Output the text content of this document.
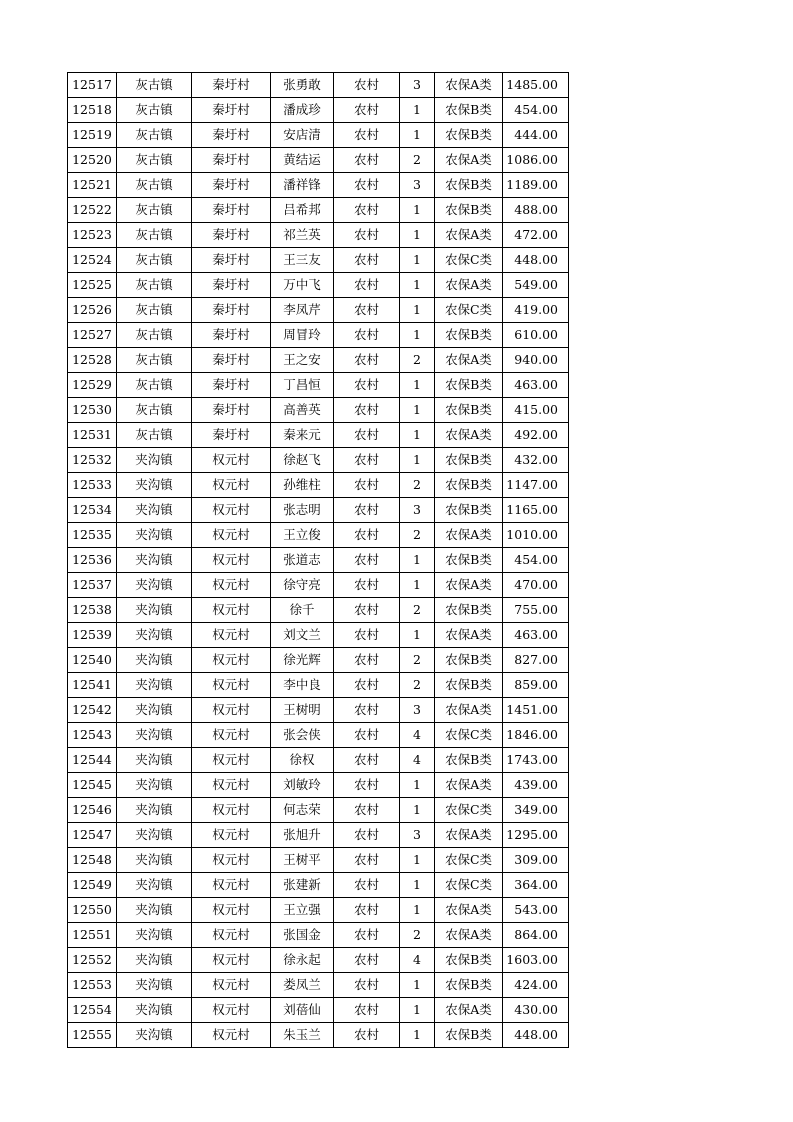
12517	灰古镇	秦圩村	张勇敢	农村	3	农保A类	1485.00
12518	灰古镇	秦圩村	潘成珍	农村	1	农保B类	454.00
12519	灰古镇	秦圩村	安店清	农村	1	农保B类	444.00
12520	灰古镇	秦圩村	黄结运	农村	2	农保A类	1086.00
12521	灰古镇	秦圩村	潘祥锋	农村	3	农保B类	1189.00
12522	灰古镇	秦圩村	吕希邦	农村	1	农保B类	488.00
12523	灰古镇	秦圩村	祁兰英	农村	1	农保A类	472.00
12524	灰古镇	秦圩村	王三友	农村	1	农保C类	448.00
12525	灰古镇	秦圩村	万中飞	农村	1	农保A类	549.00
12526	灰古镇	秦圩村	李凤芹	农村	1	农保C类	419.00
12527	灰古镇	秦圩村	周冒玲	农村	1	农保B类	610.00
12528	灰古镇	秦圩村	王之安	农村	2	农保A类	940.00
12529	灰古镇	秦圩村	丁昌恒	农村	1	农保B类	463.00
12530	灰古镇	秦圩村	高善英	农村	1	农保B类	415.00
12531	灰古镇	秦圩村	秦来元	农村	1	农保A类	492.00
12532	夹沟镇	权元村	徐赵飞	农村	1	农保B类	432.00
12533	夹沟镇	权元村	孙维柱	农村	2	农保B类	1147.00
12534	夹沟镇	权元村	张志明	农村	3	农保B类	1165.00
12535	夹沟镇	权元村	王立俊	农村	2	农保A类	1010.00
12536	夹沟镇	权元村	张道志	农村	1	农保B类	454.00
12537	夹沟镇	权元村	徐守亮	农村	1	农保A类	470.00
12538	夹沟镇	权元村	徐千	农村	2	农保B类	755.00
12539	夹沟镇	权元村	刘文兰	农村	1	农保A类	463.00
12540	夹沟镇	权元村	徐光辉	农村	2	农保B类	827.00
12541	夹沟镇	权元村	李中良	农村	2	农保B类	859.00
12542	夹沟镇	权元村	王树明	农村	3	农保A类	1451.00
12543	夹沟镇	权元村	张会侠	农村	4	农保C类	1846.00
12544	夹沟镇	权元村	徐权	农村	4	农保B类	1743.00
12545	夹沟镇	权元村	刘敏玲	农村	1	农保A类	439.00
12546	夹沟镇	权元村	何志荣	农村	1	农保C类	349.00
12547	夹沟镇	权元村	张旭升	农村	3	农保A类	1295.00
12548	夹沟镇	权元村	王树平	农村	1	农保C类	309.00
12549	夹沟镇	权元村	张建新	农村	1	农保C类	364.00
12550	夹沟镇	权元村	王立强	农村	1	农保A类	543.00
12551	夹沟镇	权元村	张国金	农村	2	农保A类	864.00
12552	夹沟镇	权元村	徐永起	农村	4	农保B类	1603.00
12553	夹沟镇	权元村	娄凤兰	农村	1	农保B类	424.00
12554	夹沟镇	权元村	刘蓓仙	农村	1	农保A类	430.00
12555	夹沟镇	权元村	朱玉兰	农村	1	农保B类	448.00
